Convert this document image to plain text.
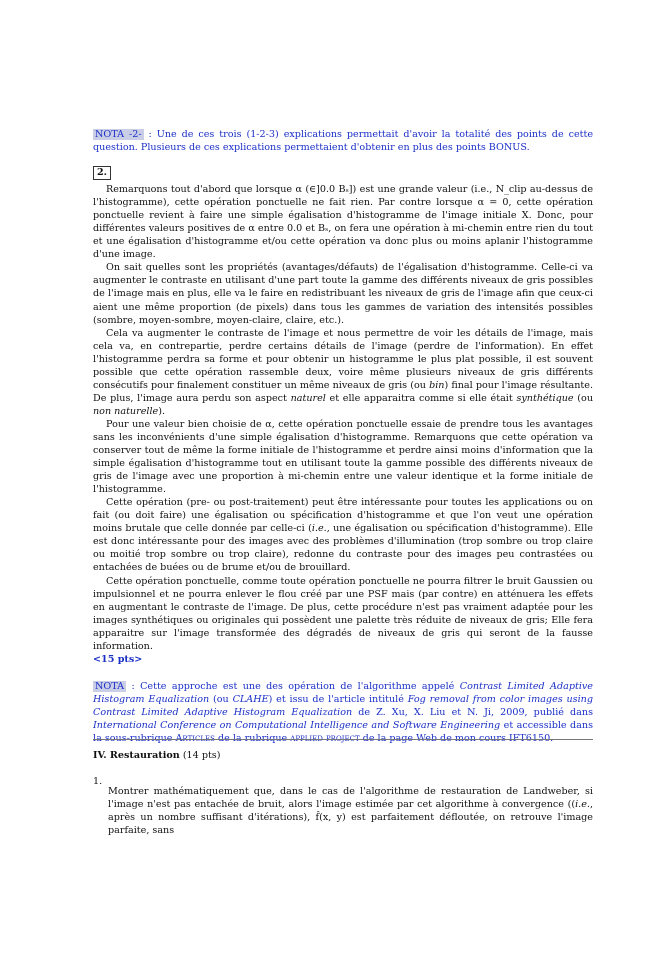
NOTA -2- : Une de ces trois (1-2-3) explications permettait d'avoir la totalité des points de cette question. Plusieurs de ces explications permettaient d'obtenir en plus des points BONUS.

2.

Remarquons tout d'abord que lorsque α (∈]0.0 Bₛ]) est une grande valeur (i.e., N_clip au-dessus de l'histogramme), cette opération ponctuelle ne fait rien. Par contre lorsque α = 0, cette opération ponctuelle revient à faire une simple égalisation d'histogramme de l'image initiale X. Donc, pour différentes valeurs positives de α entre 0.0 et Bₛ, on fera une opération à mi-chemin entre rien du tout et une égalisation d'histogramme et/ou cette opération va donc plus ou moins aplanir l'histogramme d'une image.

On sait quelles sont les propriétés (avantages/défauts) de l'égalisation d'histogramme. Celle-ci va augmenter le contraste en utilisant d'une part toute la gamme des différents niveaux de gris possibles de l'image mais en plus, elle va le faire en redistribuant les niveaux de gris de l'image afin que ceux-ci aient une même proportion (de pixels) dans tous les gammes de variation des intensités possibles (sombre, moyen-sombre, moyen-claire, claire, etc.).

Cela va augmenter le contraste de l'image et nous permettre de voir les détails de l'image, mais cela va, en contrepartie, perdre certains détails de l'image (perdre de l'information). En effet l'histogramme perdra sa forme et pour obtenir un histogramme le plus plat possible, il est souvent possible que cette opération rassemble deux, voire même plusieurs niveaux de gris différents consécutifs pour finalement constituer un même niveaux de gris (ou bin) final pour l'image résultante. De plus, l'image aura perdu son aspect naturel et elle apparaitra comme si elle était synthétique (ou non naturelle).

Pour une valeur bien choisie de α, cette opération ponctuelle essaie de prendre tous les avantages sans les inconvénients d'une simple égalisation d'histogramme. Remarquons que cette opération va conserver tout de même la forme initiale de l'histogramme et perdre ainsi moins d'information que la simple égalisation d'histogramme tout en utilisant toute la gamme possible des différents niveaux de gris de l'image avec une proportion à mi-chemin entre une valeur identique et la forme initiale de l'histogramme.

Cette opération (pre- ou post-traitement) peut être intéressante pour toutes les applications ou on fait (ou doit faire) une égalisation ou spécification d'histogramme et que l'on veut une opération moins brutale que celle donnée par celle-ci (i.e., une égalisation ou spécification d'histogramme). Elle est donc intéressante pour des images avec des problèmes d'illumination (trop sombre ou trop claire ou moitié trop sombre ou trop claire), redonne du contraste pour des images peu contrastées ou entachées de buées ou de brume et/ou de brouillard.

Cette opération ponctuelle, comme toute opération ponctuelle ne pourra filtrer le bruit Gaussien ou impulsionnel et ne pourra enlever le flou créé par une PSF mais (par contre) en atténuera les effets en augmentant le contraste de l'image. De plus, cette procédure n'est pas vraiment adaptée pour les images synthétiques ou originales qui possèdent une palette très réduite de niveaux de gris; Elle fera apparaitre sur l'image transformée des dégradés de niveaux de gris qui seront de la fausse information.

<15 pts>

NOTA : Cette approche est une des opération de l'algorithme appelé Contrast Limited Adaptive Histogram Equalization (ou CLAHE) et issu de l'article intitulé Fog removal from color images using Contrast Limited Adaptive Histogram Equalization de Z. Xu, X. Liu et N. Ji, 2009, publié dans International Conference on Computational Intelligence and Software Engineering et accessible dans la sous-rubrique Articles de la rubrique applied project de la page Web de mon cours IFT6150.

IV. Restauration (14 pts)
1.

Montrer mathématiquement que, dans le cas de l'algorithme de restauration de Landweber, si l'image n'est pas entachée de bruit, alors l'image estimée par cet algorithme à convergence ((i.e., après un nombre suffisant d'itérations), f̂(x, y) est parfaitement défloutée, on retrouve l'image parfaite, sans
